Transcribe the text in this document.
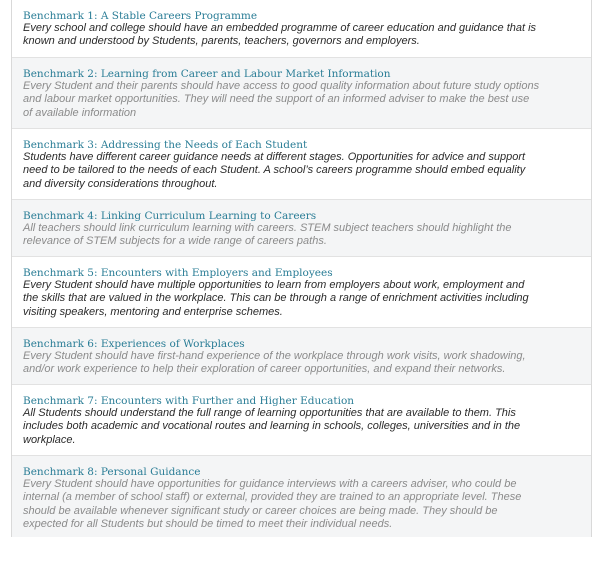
Benchmark 1: A Stable Careers Programme
Every school and college should have an embedded programme of career education and guidance that is
known and understood by Students, parents, teachers, governors and employers.
Benchmark 2: Learning from Career and Labour Market Information
Every Student and their parents should have access to good quality information about future study options
and labour market opportunities. They will need the support of an informed adviser to make the best use
of available information
Benchmark 3: Addressing the Needs of Each Student
Students have different career guidance needs at different stages. Opportunities for advice and support
need to be tailored to the needs of each Student. A school’s careers programme should embed equality
and diversity considerations throughout.
Benchmark 4: Linking Curriculum Learning to Careers
All teachers should link curriculum learning with careers. STEM subject teachers should highlight the
relevance of STEM subjects for a wide range of careers paths.
Benchmark 5: Encounters with Employers and Employees
Every Student should have multiple opportunities to learn from employers about work, employment and
the skills that are valued in the workplace. This can be through a range of enrichment activities including
visiting speakers, mentoring and enterprise schemes.
Benchmark 6: Experiences of Workplaces
Every Student should have first-hand experience of the workplace through work visits, work shadowing,
and/or work experience to help their exploration of career opportunities, and expand their networks.
Benchmark 7: Encounters with Further and Higher Education
All Students should understand the full range of learning opportunities that are available to them. This
includes both academic and vocational routes and learning in schools, colleges, universities and in the
workplace.
Benchmark 8: Personal Guidance
Every Student should have opportunities for guidance interviews with a careers adviser, who could be
internal (a member of school staff) or external, provided they are trained to an appropriate level. These
should be available whenever significant study or career choices are being made. They should be
expected for all Students but should be timed to meet their individual needs.
